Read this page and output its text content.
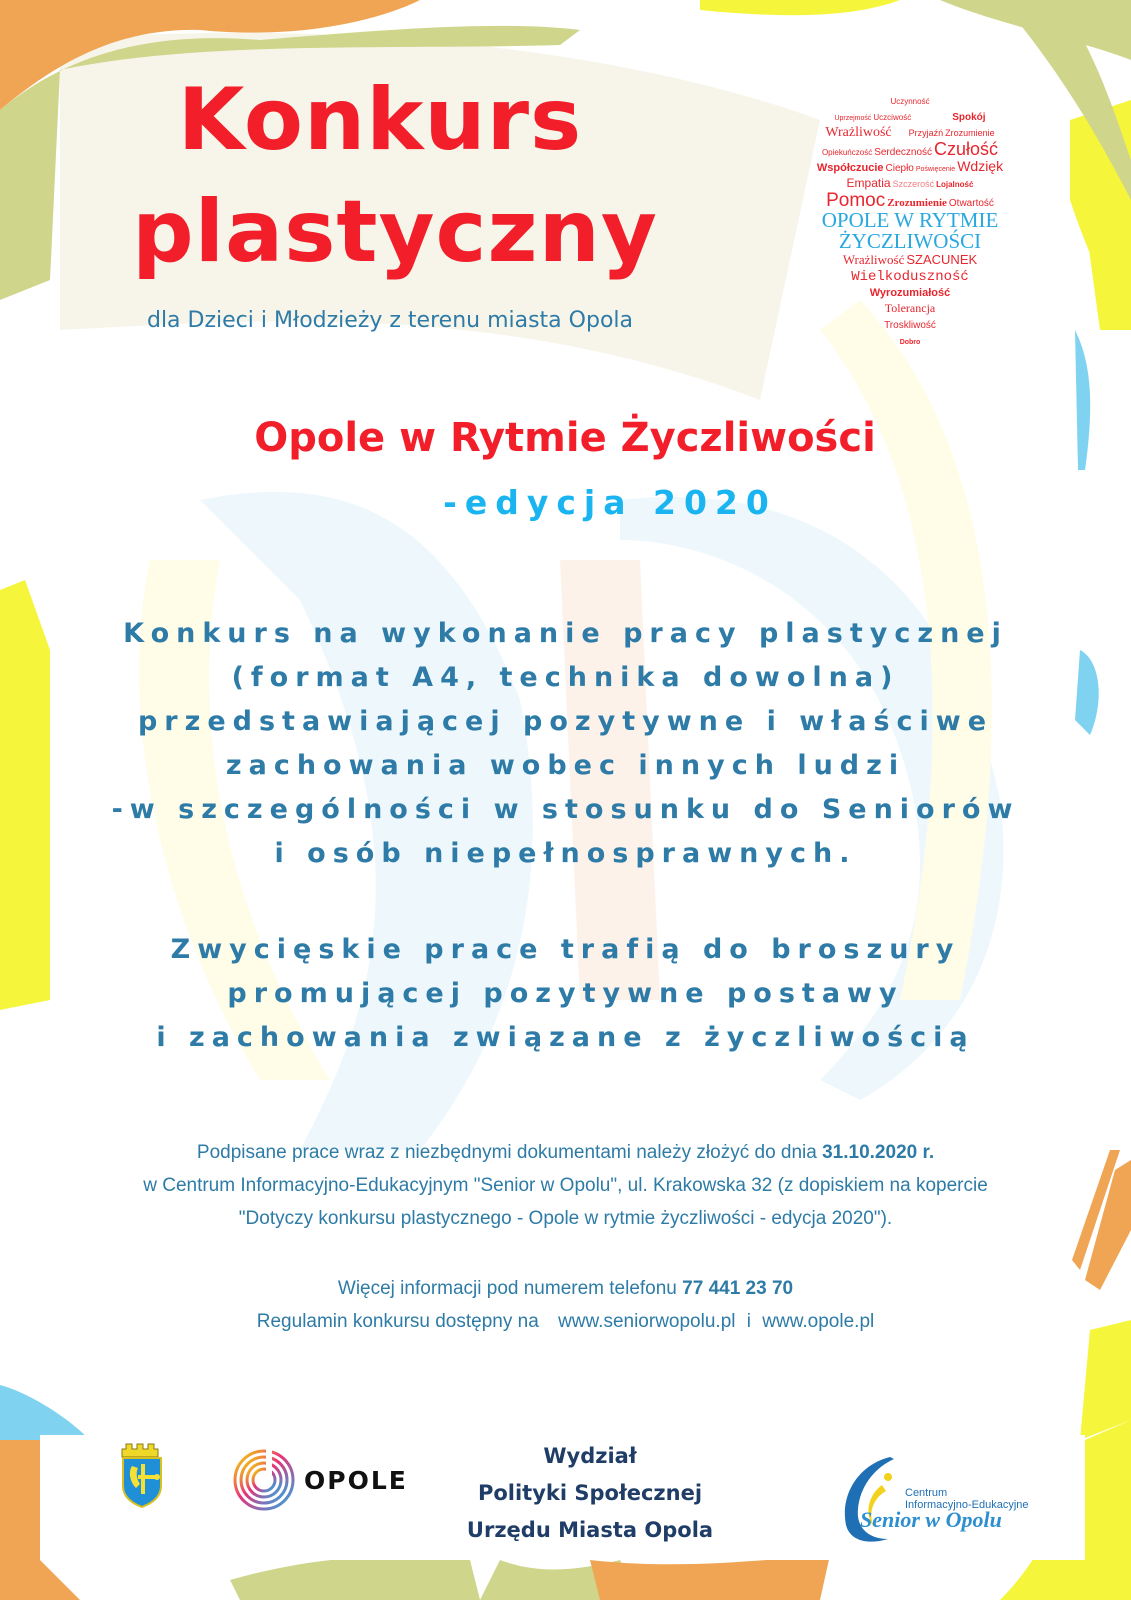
Konkurs
plastyczny
dla Dzieci i Młodzieży z terenu miasta Opola
Uczynność
Uprzejmość Uczciwość	Spokój
Wrażliwość Przyjaźń Zrozumienie
Opiekuńczość Serdeczność Czułość
Współczucie Ciepło Poświęcenie Wdzięk
Empatia Szczerość Lojalność
Pomoc Zrozumienie Otwartość
OPOLE W RYTMIE
ŻYCZLIWOŚCI
Wrażliwość SZACUNEK
Wielkoduszność
Wyrozumiałość
Tolerancja
Troskliwość
Dobro
Opole w Rytmie Życzliwości
-edycja 2020
Konkurs na wykonanie pracy plastycznej
(format A4, technika dowolna)
przedstawiającej pozytywne i właściwe
zachowania wobec innych ludzi
-w szczególności w stosunku do Seniorów
i osób niepełnosprawnych.
Zwycięskie prace trafią do broszury
promującej pozytywne postawy
i zachowania związane z życzliwością
Podpisane prace wraz z niezbędnymi dokumentami należy złożyć do dnia 31.10.2020 r.
w Centrum Informacyjno-Edukacyjnym "Senior w Opolu", ul. Krakowska 32 (z dopiskiem na kopercie
"Dotyczy konkursu plastycznego - Opole w rytmie życzliwości - edycja 2020").
Więcej informacji pod numerem telefonu 77 441 23 70
Regulamin konkursu dostępny na www.seniorwopolu.pl i www.opole.pl
OPOLE
Wydział
Polityki Społecznej
Urzędu Miasta Opola
Centrum
Informacyjno-Edukacyjne
Senior w Opolu
